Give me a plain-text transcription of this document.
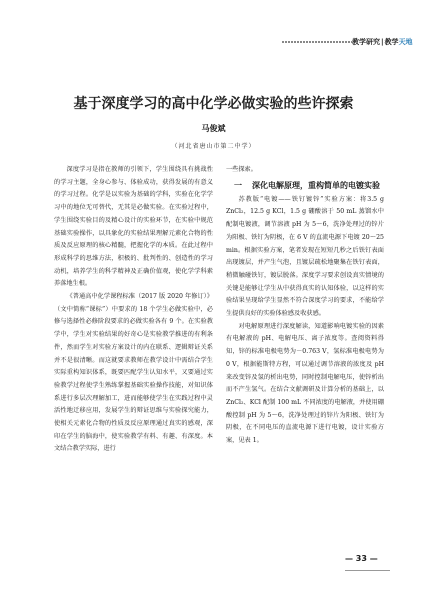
教学研究|教学天地
基于深度学习的高中化学必做实验的些许探索
马俊斌
（河北省唐山市第二中学）

深度学习是指在教师的引领下，学生围绕具有挑战性的学习主题，全身心参与、体验成功，获得发展的有意义的学习过程。化学是以实验为基础的学科，实验在化学学习中的地位无可替代，无其是必做实验。在实验过程中，学生围绕实验目的及精心设计的实验环节，在实验中规范基础实验操作，以具象化的实验结果理解元素化合物的性质及反应原理的核心精髓，把握化学的本质。在此过程中形成科学的思维方法，积极的、批判性的、创造性的学习动机，培养学生的科学精神及正确价值观，使化学学科素养落地生根。

《普通高中化学课程标准（2017 版 2020 年修订）》（文中简称“课标”）中要求的 18 个学生必做实验中，必修与选择性必修阶段要求的必做实验各有 9 个。在实验教学中，学生对实验结果的好奇心是实验教学推进的有利条件，然而学生对实验方案设计的内在联系、逻辑辩证关系并不是很清晰。而这就要求教师在教学设计中需结合学生实际重构知识体系，既要匹配学生认知水平，又要通过实验教学过程使学生熟练掌握基础实验操作技能，对知识体系进行多层次理解加工，进而能够使学生在实践过程中灵活性地迁移应用，发展学生的辩证思维与实验探究能力，使相关元素化合物的性质及反应原理通过真实的感观，深印在学生的脑海中，使实验教学有料、有趣、有深度。本文结合教学实际，进行

一些探索。

一 深化电解原理，重构简单的电镀实验

苏教版“电镀——铁钉镀锌”实验方案：将3.5 g ZnCl₂，12.5 g KCl，1.5 g 硼酸溶于 50 mL 蒸馏水中配制电镀液，调节溶液 pH 为 5～6，洗净处理过的锌片为阳极、铁钉为阴极，在 6 V 的直流电源下电镀 20～25 min。根据实验方案，笔者发现在短短几秒之后铁钉表面出现镀层，并产生气泡，且镀层疏松地聚集在铁钉表面，稍微触碰铁钉，镀层脱落。深度学习要求创设真实情境的关键是能够让学生从中获得真实的认知体验，以这样的实验结果呈现给学生显然不符合深度学习的要求，不能给学生提供良好的实验体验感及收获感。

对电解原理进行深度解读，知道影响电镀实验的因素有电解液的 pH、电解电压、离子浓度等。查阅资料得知，锌的标准电极电势为－0.763 V，氢标准电极电势为 0 V，根据能斯特方程，可以通过调节溶液的浓度及 pH 来改变锌及氢的析出电势，同时控制电解电压，使锌析出而不产生氢气。在结合文献调研及计算分析的基础上，以 ZnCl₂、KCl 配制 100 mL 不同浓度的电解液，并使用硼酸控制 pH 为 5～6，洗净处理过的锌片为阳极、铁钉为阴极，在不同电压的直流电源下进行电镀，设计实验方案，见表 1。

— 33 —
